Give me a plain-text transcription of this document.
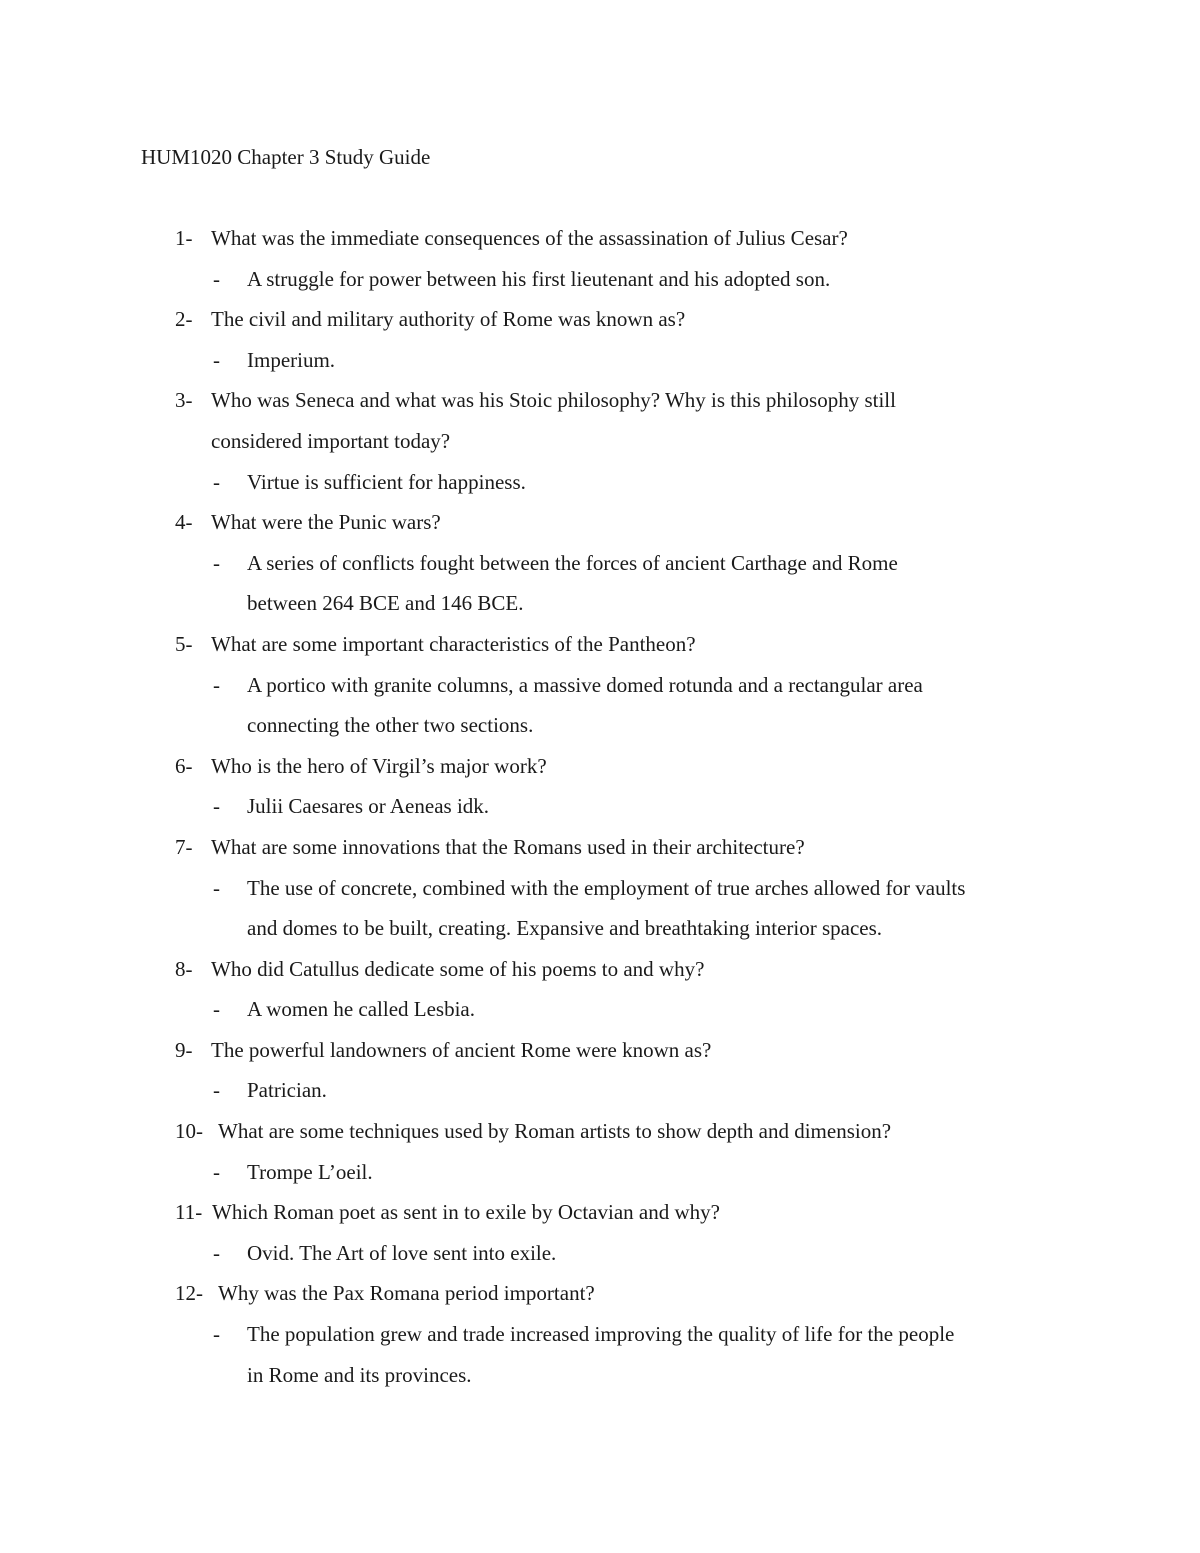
HUM1020 Chapter 3 Study Guide
1- What was the immediate consequences of the assassination of Julius Cesar?
- A struggle for power between his first lieutenant and his adopted son.
2- The civil and military authority of Rome was known as?
- Imperium.
3- Who was Seneca and what was his Stoic philosophy? Why is this philosophy still
considered important today?
- Virtue is sufficient for happiness.
4- What were the Punic wars?
- A series of conflicts fought between the forces of ancient Carthage and Rome
between 264 BCE and 146 BCE.
5- What are some important characteristics of the Pantheon?
- A portico with granite columns, a massive domed rotunda and a rectangular area
connecting the other two sections.
6- Who is the hero of Virgil’s major work?
- Julii Caesares or Aeneas idk.
7- What are some innovations that the Romans used in their architecture?
- The use of concrete, combined with the employment of true arches allowed for vaults
and domes to be built, creating. Expansive and breathtaking interior spaces.
8- Who did Catullus dedicate some of his poems to and why?
- A women he called Lesbia.
9- The powerful landowners of ancient Rome were known as?
- Patrician.
10- What are some techniques used by Roman artists to show depth and dimension?
- Trompe L’oeil.
11- Which Roman poet as sent in to exile by Octavian and why?
- Ovid. The Art of love sent into exile.
12- Why was the Pax Romana period important?
- The population grew and trade increased improving the quality of life for the people
in Rome and its provinces.
